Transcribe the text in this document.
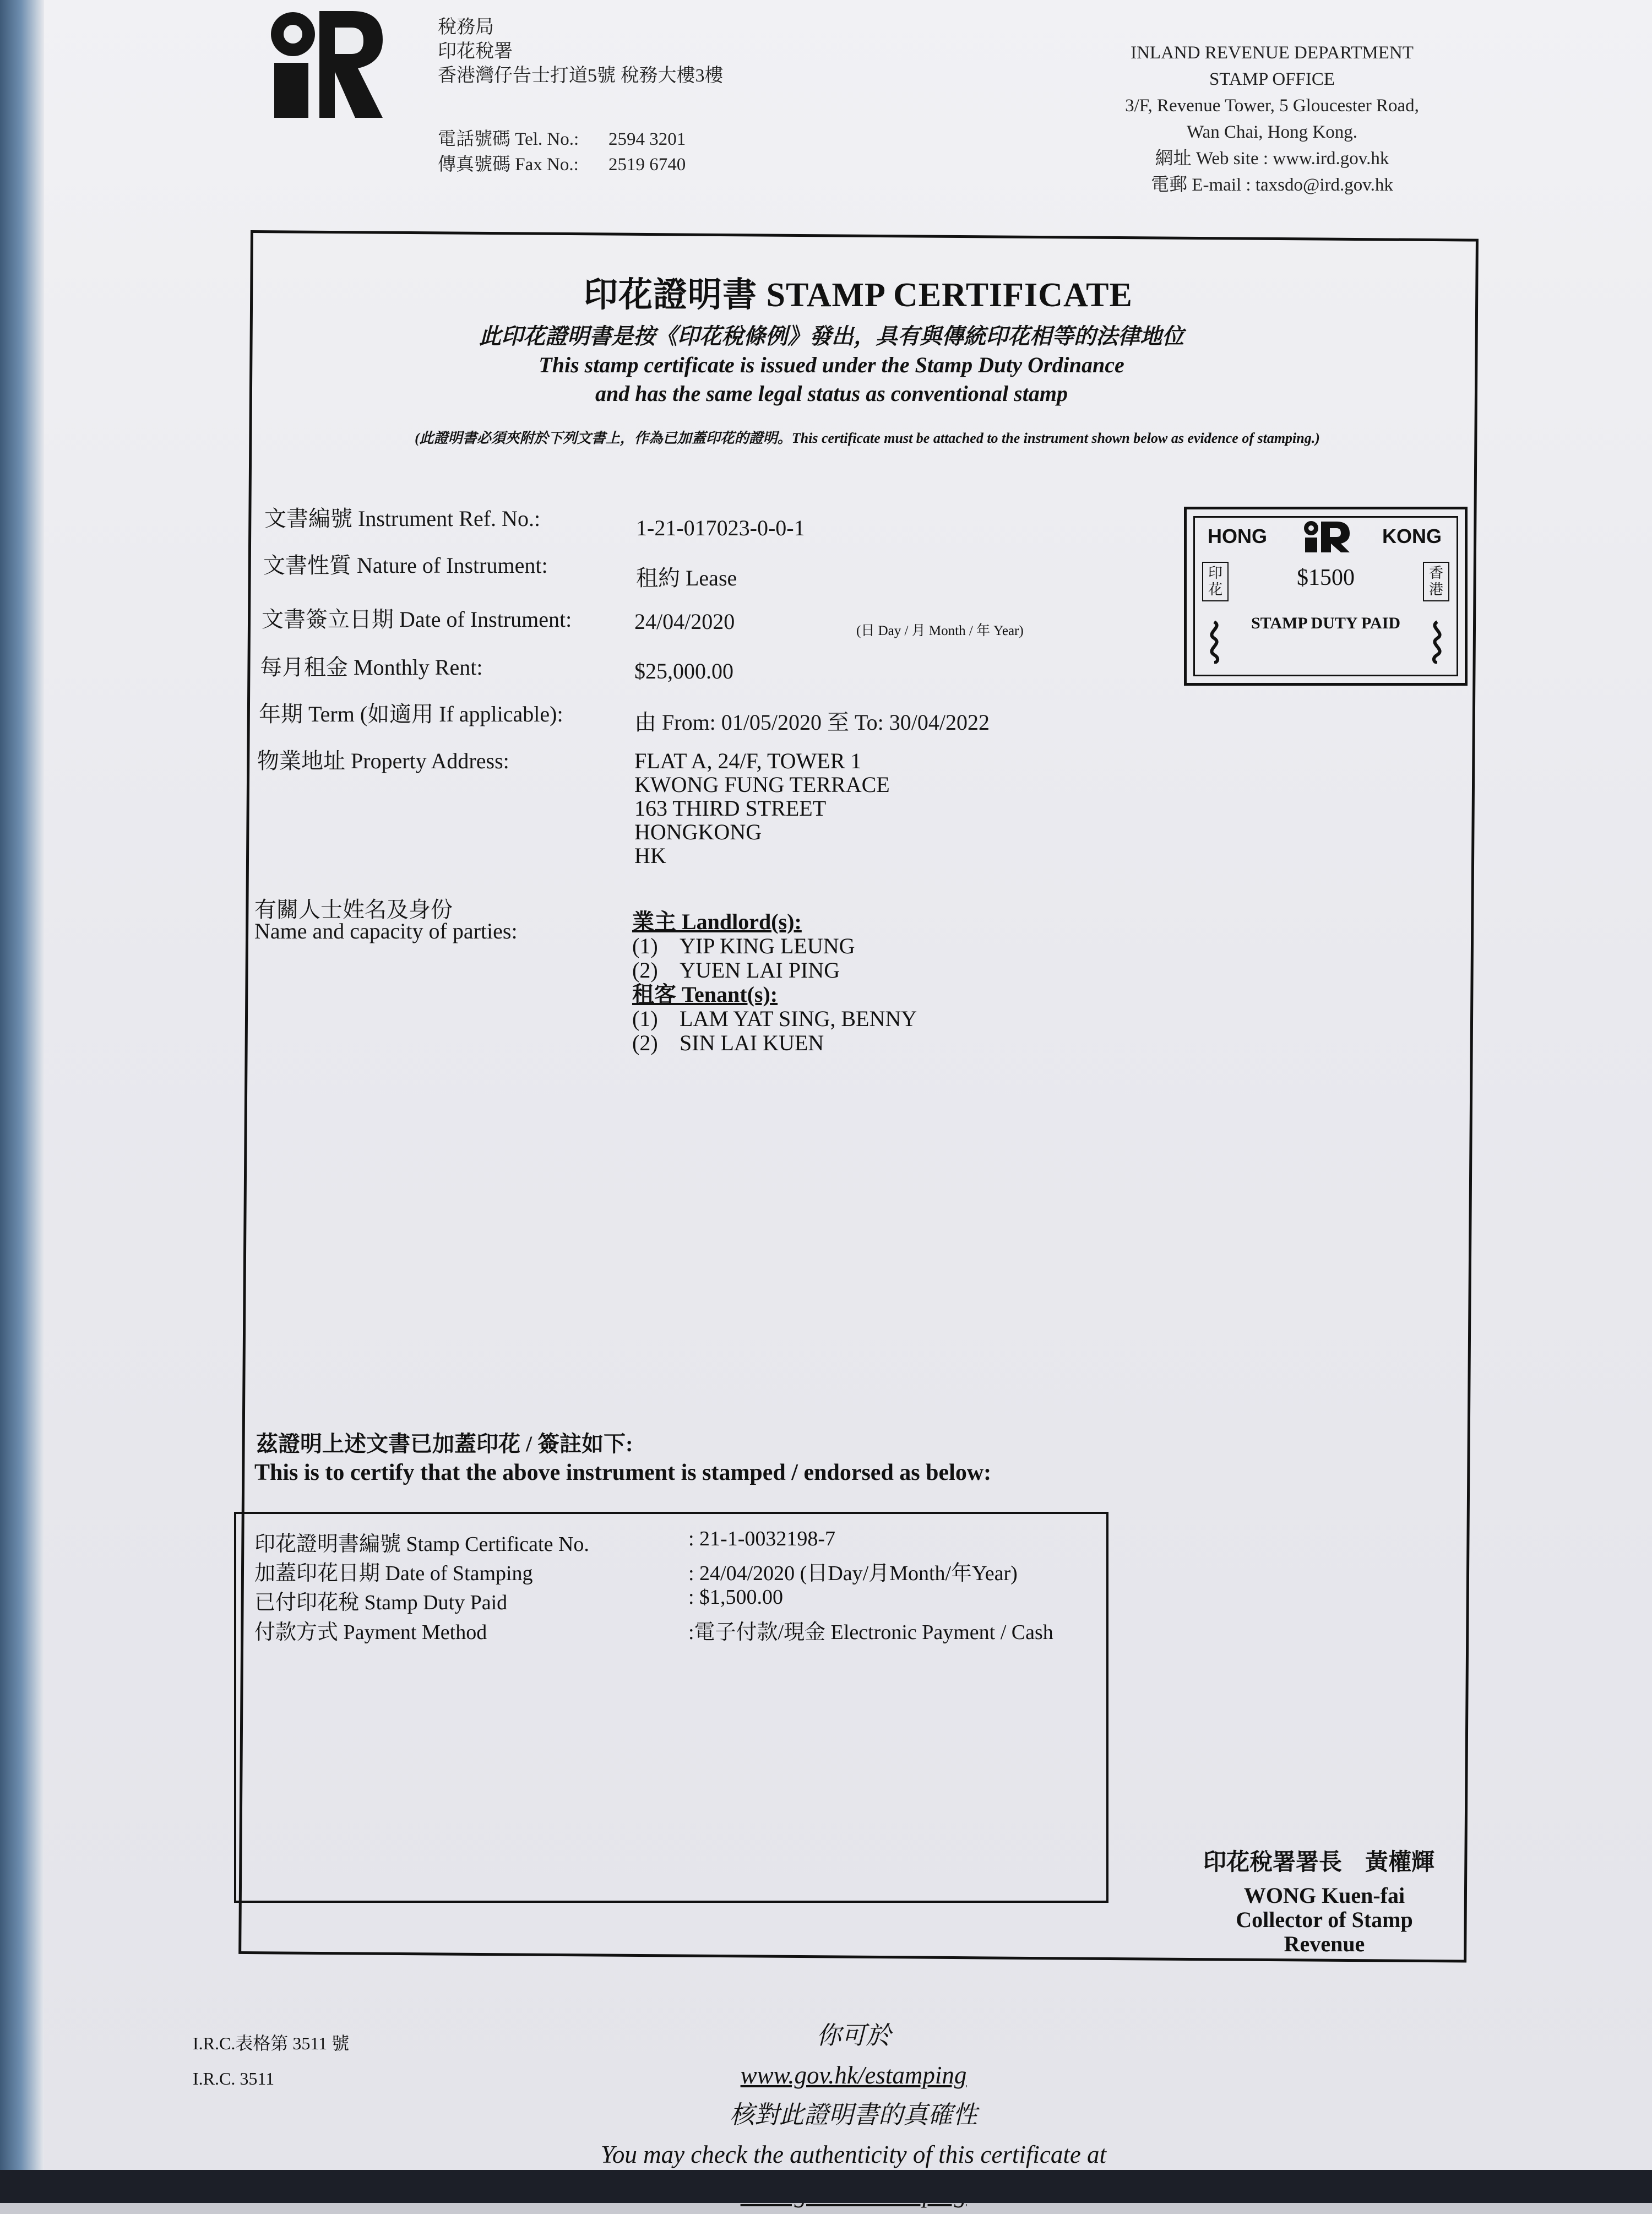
稅務局
印花稅署
香港灣仔告士打道5號 稅務大樓3樓
電話號碼 Tel. No.: 2594 3201
傳真號碼 Fax No.: 2519 6740
INLAND REVENUE DEPARTMENT
STAMP OFFICE
3/F, Revenue Tower, 5 Gloucester Road,
Wan Chai, Hong Kong.
網址 Web site : www.ird.gov.hk
電郵 E-mail : taxsdo@ird.gov.hk
印花證明書 STAMP CERTIFICATE
此印花證明書是按《印花稅條例》發出，具有與傳統印花相等的法律地位
This stamp certificate is issued under the Stamp Duty Ordinance
and has the same legal status as conventional stamp
(此證明書必須夾附於下列文書上，作為已加蓋印花的證明。This certificate must be attached to the instrument shown below as evidence of stamping.)
文書編號 Instrument Ref. No.:	1-21-017023-0-0-1
文書性質 Nature of Instrument:
租約 Lease
文書簽立日期 Date of Instrument:	24/04/2020	(日 Day / 月 Month / 年 Year)
每月租金 Monthly Rent:	$25,000.00
年期 Term (如適用 If applicable):	由 From: 01/05/2020 至 To: 30/04/2022
物業地址 Property Address:	FLAT A, 24/F, TOWER 1
KWONG FUNG TERRACE
163 THIRD STREET
HONGKONG
HK
有關人士姓名及身份
Name and capacity of parties:	業主 Landlord(s):
(1) YIP KING LEUNG
(2) YUEN LAI PING
租客 Tenant(s):
(1) LAM YAT SING, BENNY
(2) SIN LAI KUEN
HONG	KONG
$1500
STAMP DUTY PAID
印花
香港
茲證明上述文書已加蓋印花 / 簽註如下:
This is to certify that the above instrument is stamped / endorsed as below:
印花證明書編號 Stamp Certificate No.	: 21-1-0032198-7
加蓋印花日期 Date of Stamping	: 24/04/2020 (日Day/月Month/年Year)
已付印花稅 Stamp Duty Paid	: $1,500.00
付款方式 Payment Method	:電子付款/現金 Electronic Payment / Cash
印花稅署署長　黃權輝
WONG Kuen-fai
Collector of Stamp Revenue
I.R.C.表格第 3511 號
I.R.C. 3511
你可於
www.gov.hk/estamping
核對此證明書的真確性
You may check the authenticity of this certificate at
